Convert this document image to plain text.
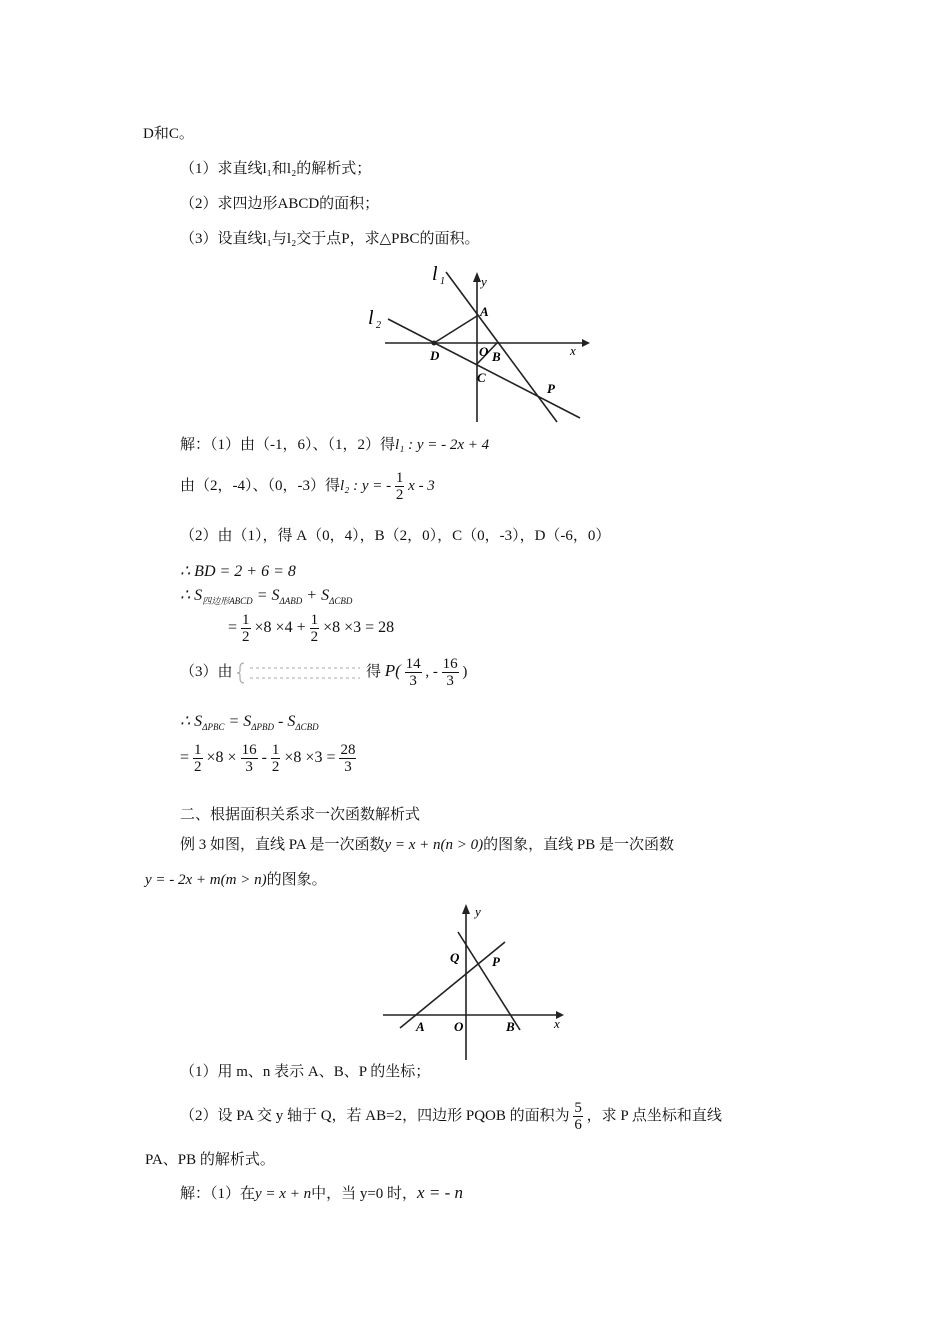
D和C。
（1）求直线l₁和l₂的解析式；
（2）求四边形ABCD的面积；
（3）设直线l₁与l₂交于点P，求△PBC的面积。
l 1
l 2
y
x
A
D	O B
C
P
解：（1）由（-1，6）、（1，2）得l₁ : y = - 2x + 4
由（2，-4）、（0，-3）得l₂ : y = - $\frac{1}{2}$ x - 3
（2）由（1），得 A（0，4），B（2，0），C（0，-3），D（-6，0）
∴ BD = 2 + 6 = 8
∴ $S_{四边形ABCD} = S_{\Delta ABD} + S_{\Delta CBD}$
= $\frac{1}{2} \times 8 \times 4 + \frac{1}{2} \times 8 \times 3 = 28$
（3）由	得 $P( \frac{14}{3}$ , - $\frac{16}{3}$ )
∴ $S_{\Delta PBC} = S_{\Delta PBD} - S_{\Delta CBD}$
= $\frac{1}{2} \times 8 \times \frac{16}{3} - \frac{1}{2} \times 8 \times 3 = \frac{28}{3}$
二、根据面积关系求一次函数解析式
例 3 如图，直线 PA 是一次函数y = x + n(n > 0)的图象，直线 PB 是一次函数
y = - 2x + m(m > n)的图象。
y
x
Q	P
A O	B
（1）用 m、n 表示 A、B、P 的坐标；
（2）设 PA 交 y 轴于 Q，若 AB=2，四边形 PQOB 的面积为 $\frac{5}{6}$ ，求 P 点坐标和直线
PA、PB 的解析式。
解：（1）在y = x + n中，当 y=0 时，x = - n
